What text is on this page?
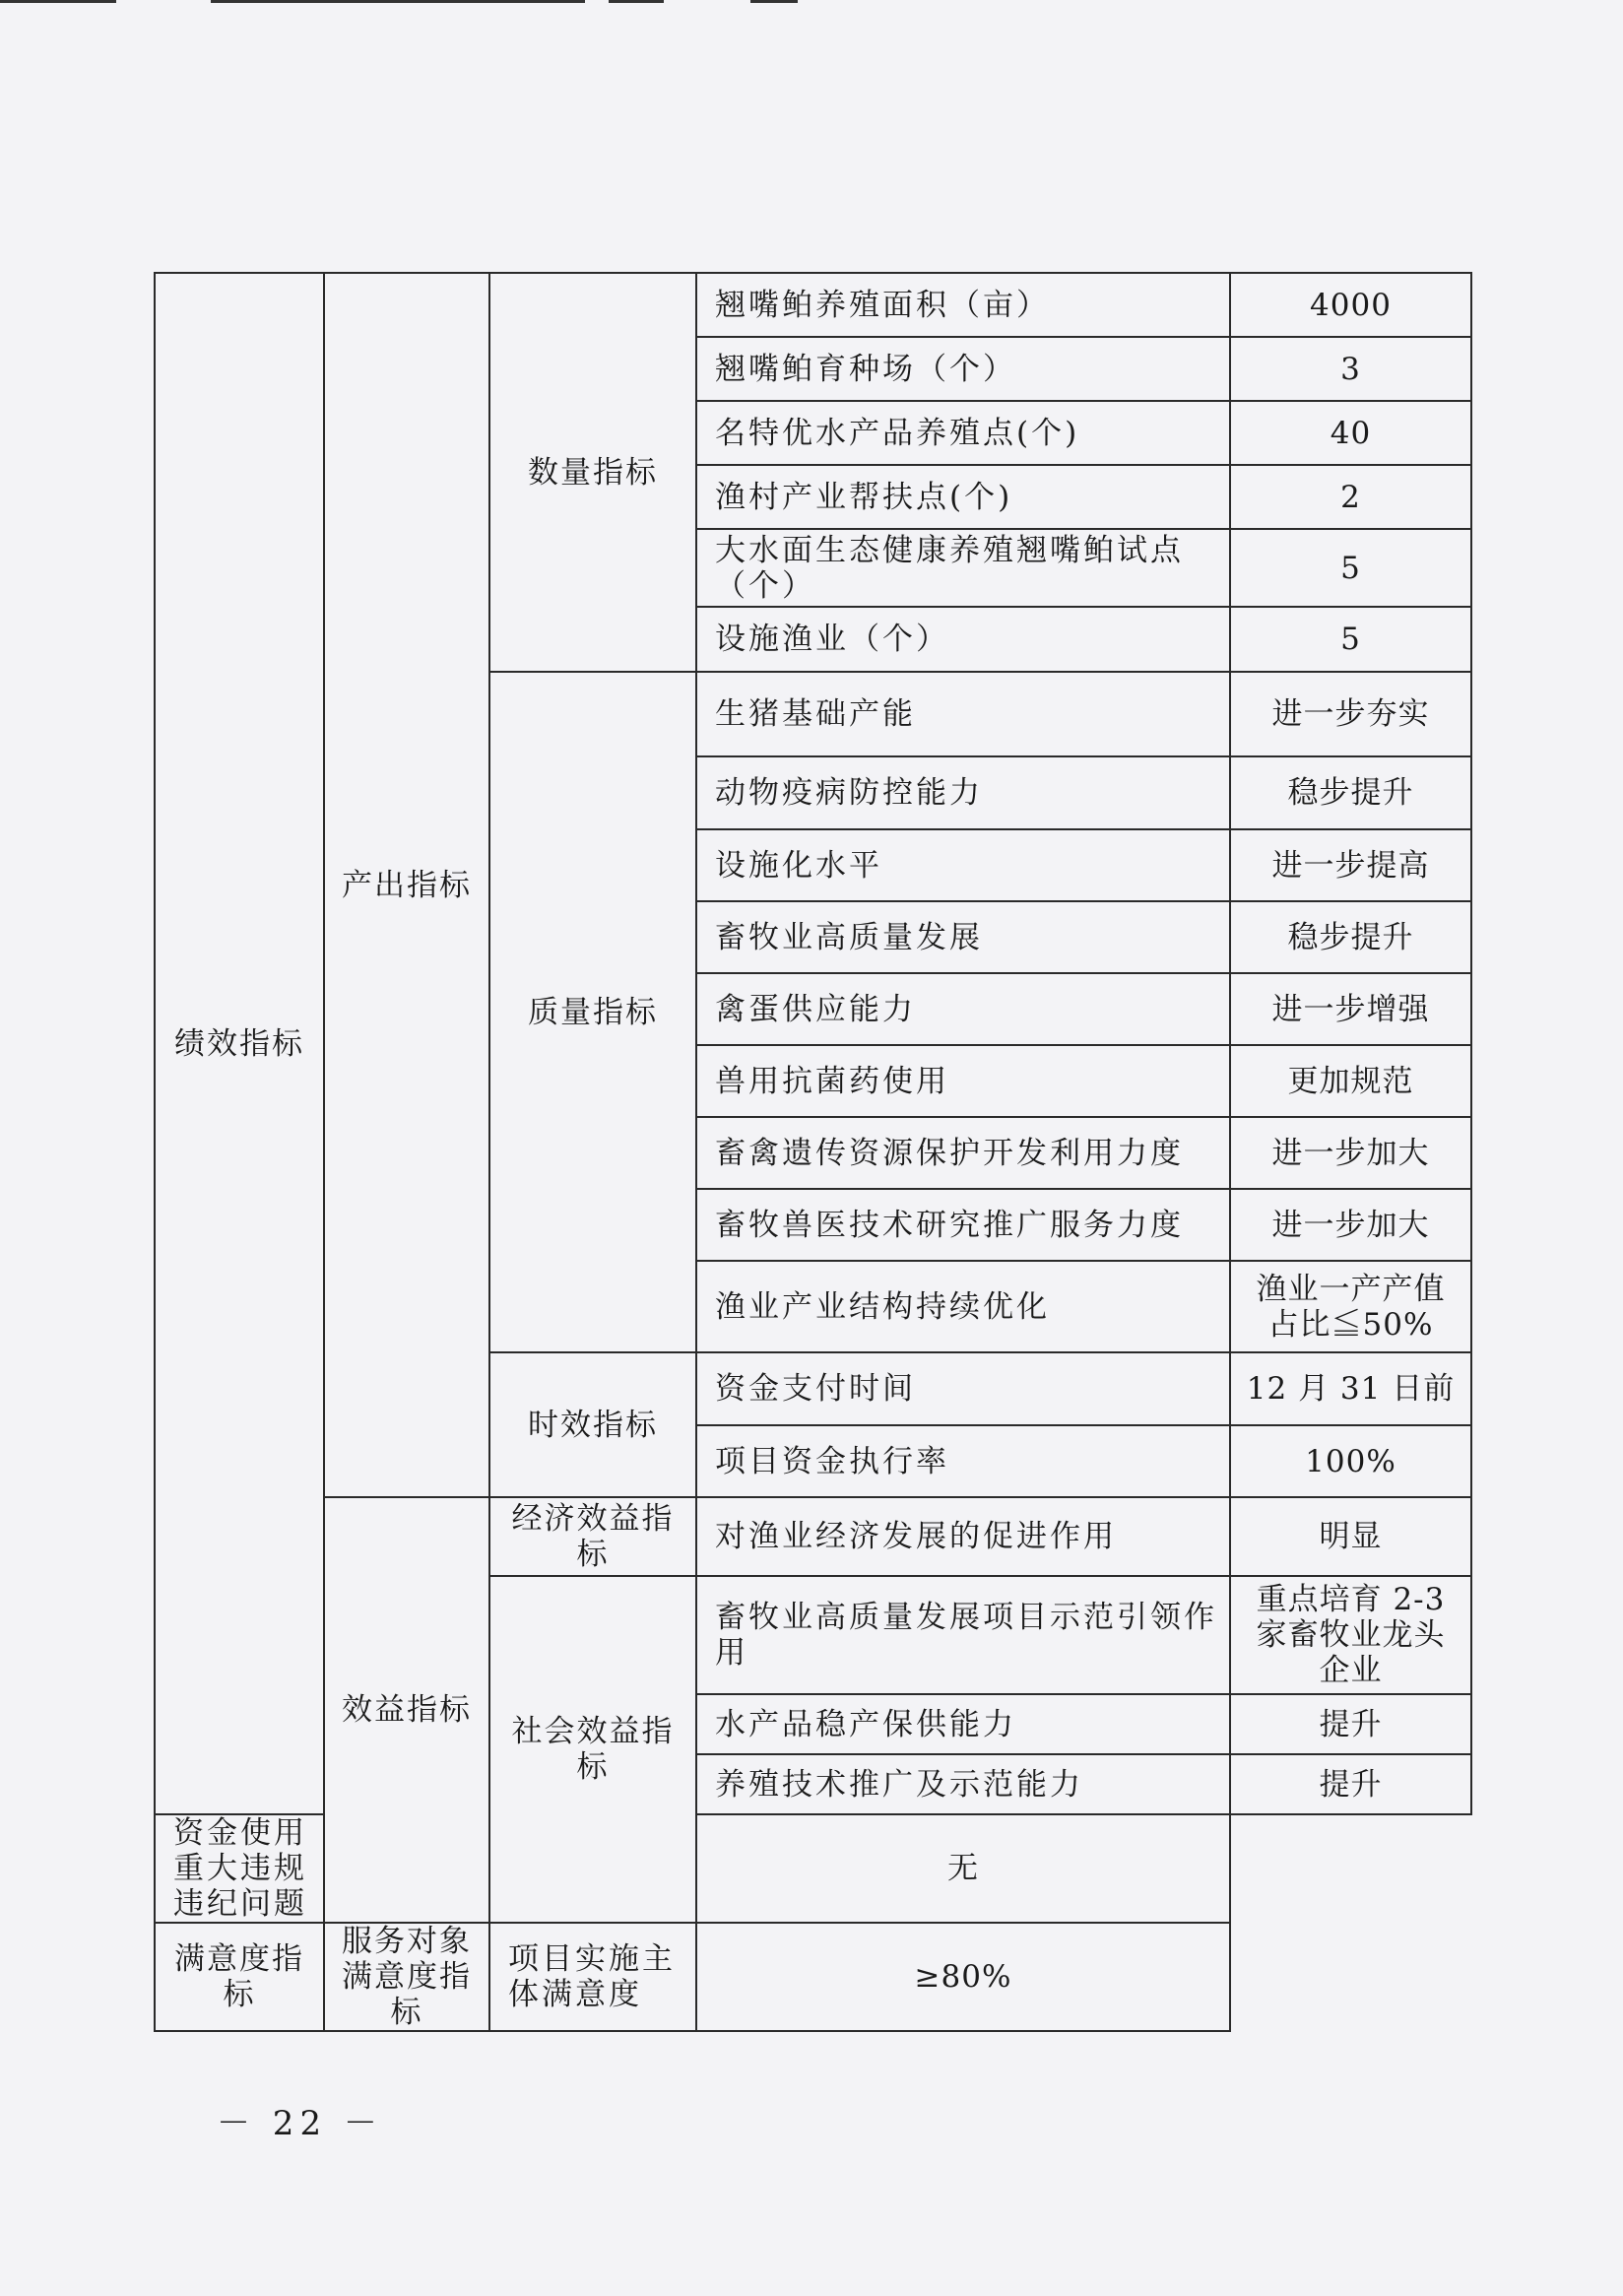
绩效指标	产出指标	数量指标	翘嘴鲌养殖面积（亩）	4000
			翘嘴鲌育种场（个）	3
			名特优水产品养殖点(个)	40
			渔村产业帮扶点(个)	2
			大水面生态健康养殖翘嘴鲌试点（个）	5
			设施渔业（个）	5
		质量指标	生猪基础产能	进一步夯实
			动物疫病防控能力	稳步提升
			设施化水平	进一步提高
			畜牧业高质量发展	稳步提升
			禽蛋供应能力	进一步增强
			兽用抗菌药使用	更加规范
			畜禽遗传资源保护开发利用力度	进一步加大
			畜牧兽医技术研究推广服务力度	进一步加大
			渔业产业结构持续优化	渔业一产产值占比≦50%
		时效指标	资金支付时间	12 月 31 日前
			项目资金执行率	100%
	效益指标	经济效益指标	对渔业经济发展的促进作用	明显
		社会效益指标	畜牧业高质量发展项目示范引领作用	重点培育 2-3 家畜牧业龙头企业
			水产品稳产保供能力	提升
			养殖技术推广及示范能力	提升
资金使用重大违规违纪问题			无	
满意度指标	服务对象满意度指标	项目实施主体满意度	≥80%	
－ 22 －
